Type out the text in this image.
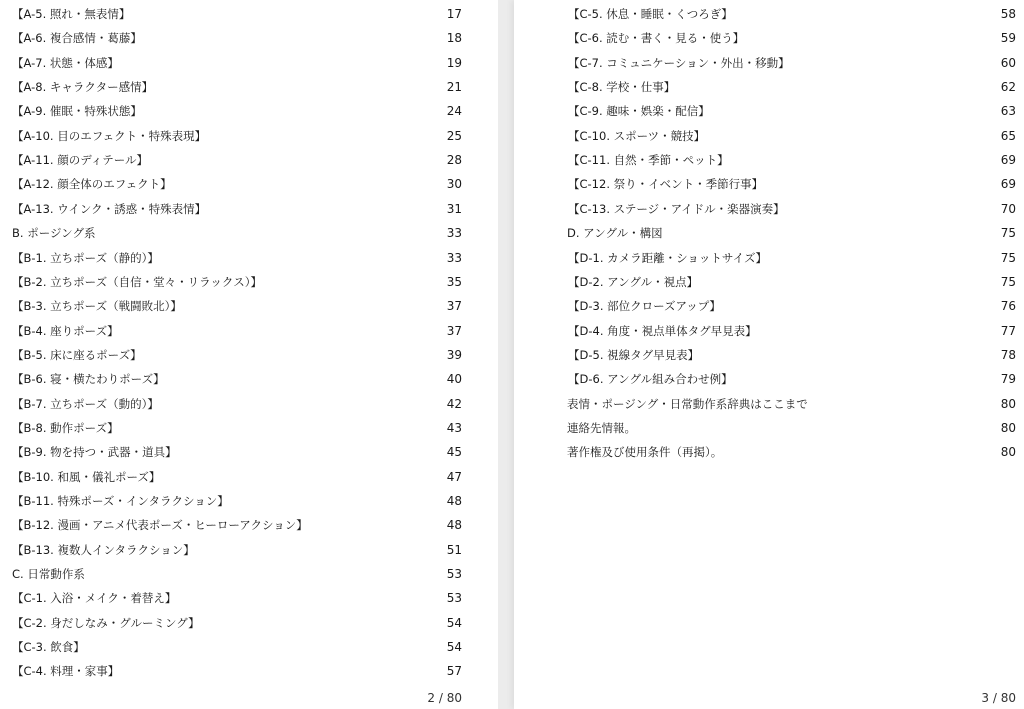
【A-5. 照れ・無表情】	17
【A-6. 複合感情・葛藤】	18
【A-7. 状態・体感】	19
【A-8. キャラクター感情】	21
【A-9. 催眠・特殊状態】	24
【A-10. 目のエフェクト・特殊表現】	25
【A-11. 顔のディテール】	28
【A-12. 顔全体のエフェクト】	30
【A-13. ウインク・誘惑・特殊表情】	31
B. ポージング系	33
【B-1. 立ちポーズ（静的）】	33
【B-2. 立ちポーズ（自信・堂々・リラックス）】	35
【B-3. 立ちポーズ（戦闘敗北）】	37
【B-4. 座りポーズ】	37
【B-5. 床に座るポーズ】	39
【B-6. 寝・横たわりポーズ】	40
【B-7. 立ちポーズ（動的）】	42
【B-8. 動作ポーズ】	43
【B-9. 物を持つ・武器・道具】	45
【B-10. 和風・儀礼ポーズ】	47
【B-11. 特殊ポーズ・インタラクション】	48
【B-12. 漫画・アニメ代表ポーズ・ヒーローアクション】	48
【B-13. 複数人インタラクション】	51
C. 日常動作系	53
【C-1. 入浴・メイク・着替え】	53
【C-2. 身だしなみ・グルーミング】	54
【C-3. 飲食】	54
【C-4. 料理・家事】	57
2 / 80
【C-5. 休息・睡眠・くつろぎ】	58
【C-6. 読む・書く・見る・使う】	59
【C-7. コミュニケーション・外出・移動】	60
【C-8. 学校・仕事】	62
【C-9. 趣味・娯楽・配信】	63
【C-10. スポーツ・競技】	65
【C-11. 自然・季節・ペット】	69
【C-12. 祭り・イベント・季節行事】	69
【C-13. ステージ・アイドル・楽器演奏】	70
D. アングル・構図	75
【D-1. カメラ距離・ショットサイズ】	75
【D-2. アングル・視点】	75
【D-3. 部位クローズアップ】	76
【D-4. 角度・視点単体タグ早見表】	77
【D-5. 視線タグ早見表】	78
【D-6. アングル組み合わせ例】	79
表情・ポージング・日常動作系辞典はここまで	80
連絡先情報。	80
著作権及び使用条件（再掲）。	80
3 / 80
